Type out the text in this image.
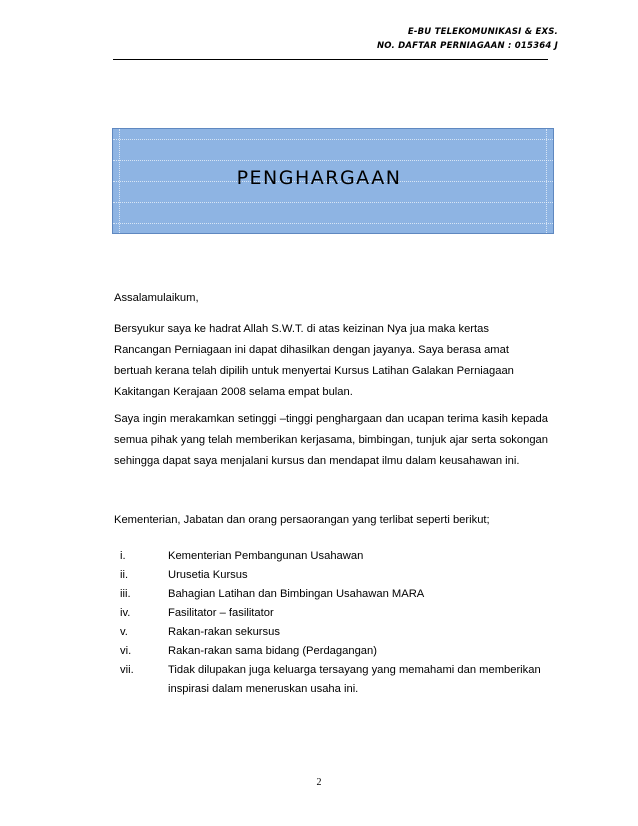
E-BU TELEKOMUNIKASI & EXS.
NO. DAFTAR PERNIAGAAN : 015364 J
PENGHARGAAN

Assalamulaikum,

Bersyukur saya ke hadrat Allah S.W.T. di atas keizinan Nya jua maka kertas Rancangan Perniagaan ini dapat dihasilkan dengan jayanya. Saya berasa amat bertuah kerana telah dipilih untuk menyertai Kursus Latihan Galakan Perniagaan Kakitangan Kerajaan 2008 selama empat bulan.

Saya ingin merakamkan setinggi –tinggi penghargaan dan ucapan terima kasih kepada semua pihak yang telah memberikan kerjasama, bimbingan, tunjuk ajar serta sokongan sehingga dapat saya menjalani kursus dan mendapat ilmu dalam keusahawan ini.

Kementerian, Jabatan dan orang persaorangan yang terlibat seperti berikut;

i.	Kementerian Pembangunan Usahawan
ii.	Urusetia Kursus
iii.	Bahagian Latihan dan Bimbingan Usahawan MARA
iv.	Fasilitator – fasilitator
v.	Rakan-rakan sekursus
vi.	Rakan-rakan sama bidang (Perdagangan)
vii.	Tidak dilupakan juga keluarga tersayang yang memahami dan memberikan inspirasi dalam meneruskan usaha ini.
2
